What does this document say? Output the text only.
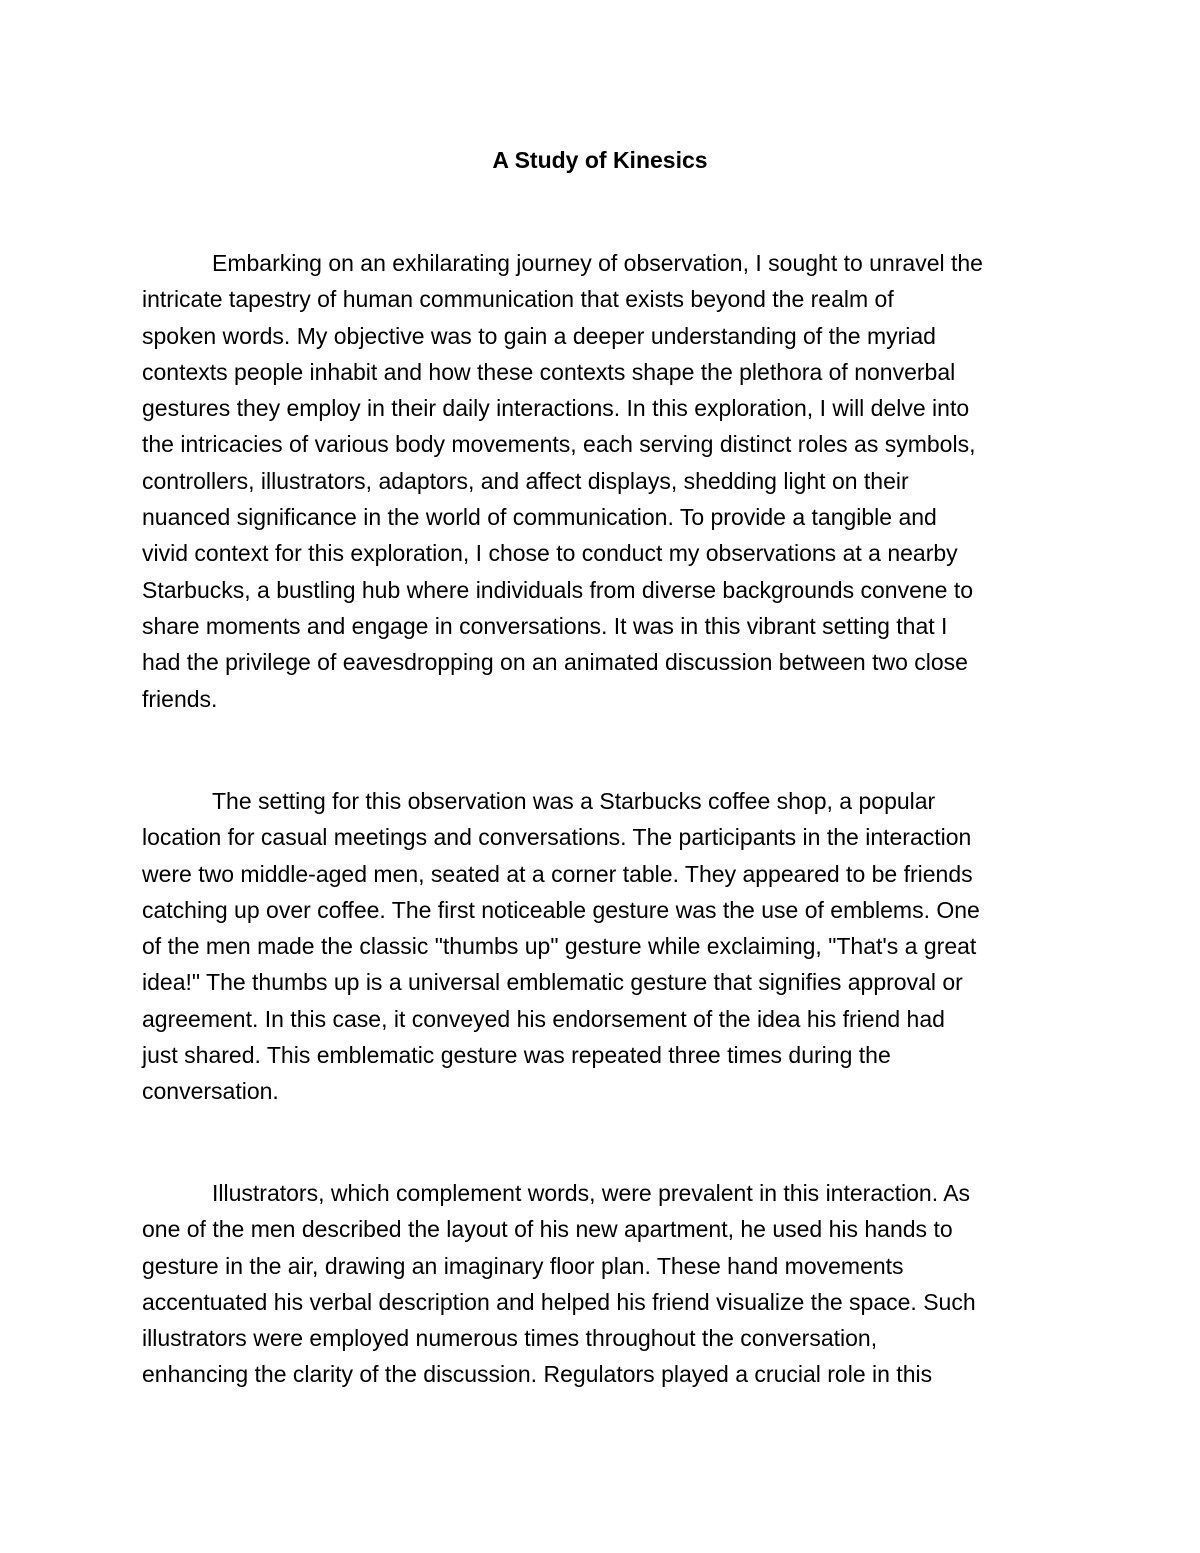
A Study of Kinesics
Embarking on an exhilarating journey of observation, I sought to unravel the
intricate tapestry of human communication that exists beyond the realm of
spoken words. My objective was to gain a deeper understanding of the myriad
contexts people inhabit and how these contexts shape the plethora of nonverbal
gestures they employ in their daily interactions. In this exploration, I will delve into
the intricacies of various body movements, each serving distinct roles as symbols,
controllers, illustrators, adaptors, and affect displays, shedding light on their
nuanced significance in the world of communication. To provide a tangible and
vivid context for this exploration, I chose to conduct my observations at a nearby
Starbucks, a bustling hub where individuals from diverse backgrounds convene to
share moments and engage in conversations. It was in this vibrant setting that I
had the privilege of eavesdropping on an animated discussion between two close
friends.
The setting for this observation was a Starbucks coffee shop, a popular
location for casual meetings and conversations. The participants in the interaction
were two middle-aged men, seated at a corner table. They appeared to be friends
catching up over coffee. The first noticeable gesture was the use of emblems. One
of the men made the classic "thumbs up" gesture while exclaiming, "That's a great
idea!" The thumbs up is a universal emblematic gesture that signifies approval or
agreement. In this case, it conveyed his endorsement of the idea his friend had
just shared. This emblematic gesture was repeated three times during the
conversation.
Illustrators, which complement words, were prevalent in this interaction. As
one of the men described the layout of his new apartment, he used his hands to
gesture in the air, drawing an imaginary floor plan. These hand movements
accentuated his verbal description and helped his friend visualize the space. Such
illustrators were employed numerous times throughout the conversation,
enhancing the clarity of the discussion. Regulators played a crucial role in this
